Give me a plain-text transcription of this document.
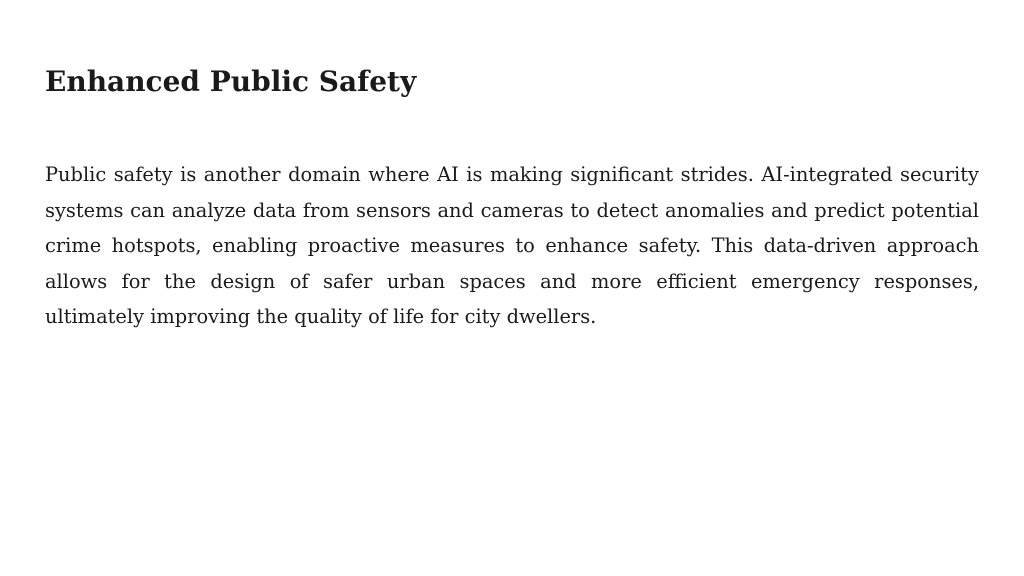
Enhanced Public Safety

Public safety is another domain where AI is making significant strides. AI-integrated security systems can analyze data from sensors and cameras to detect anomalies and predict potential crime hotspots, enabling proactive measures to enhance safety. This data-driven approach allows for the design of safer urban spaces and more efficient emergency responses, ultimately improving the quality of life for city dwellers.
